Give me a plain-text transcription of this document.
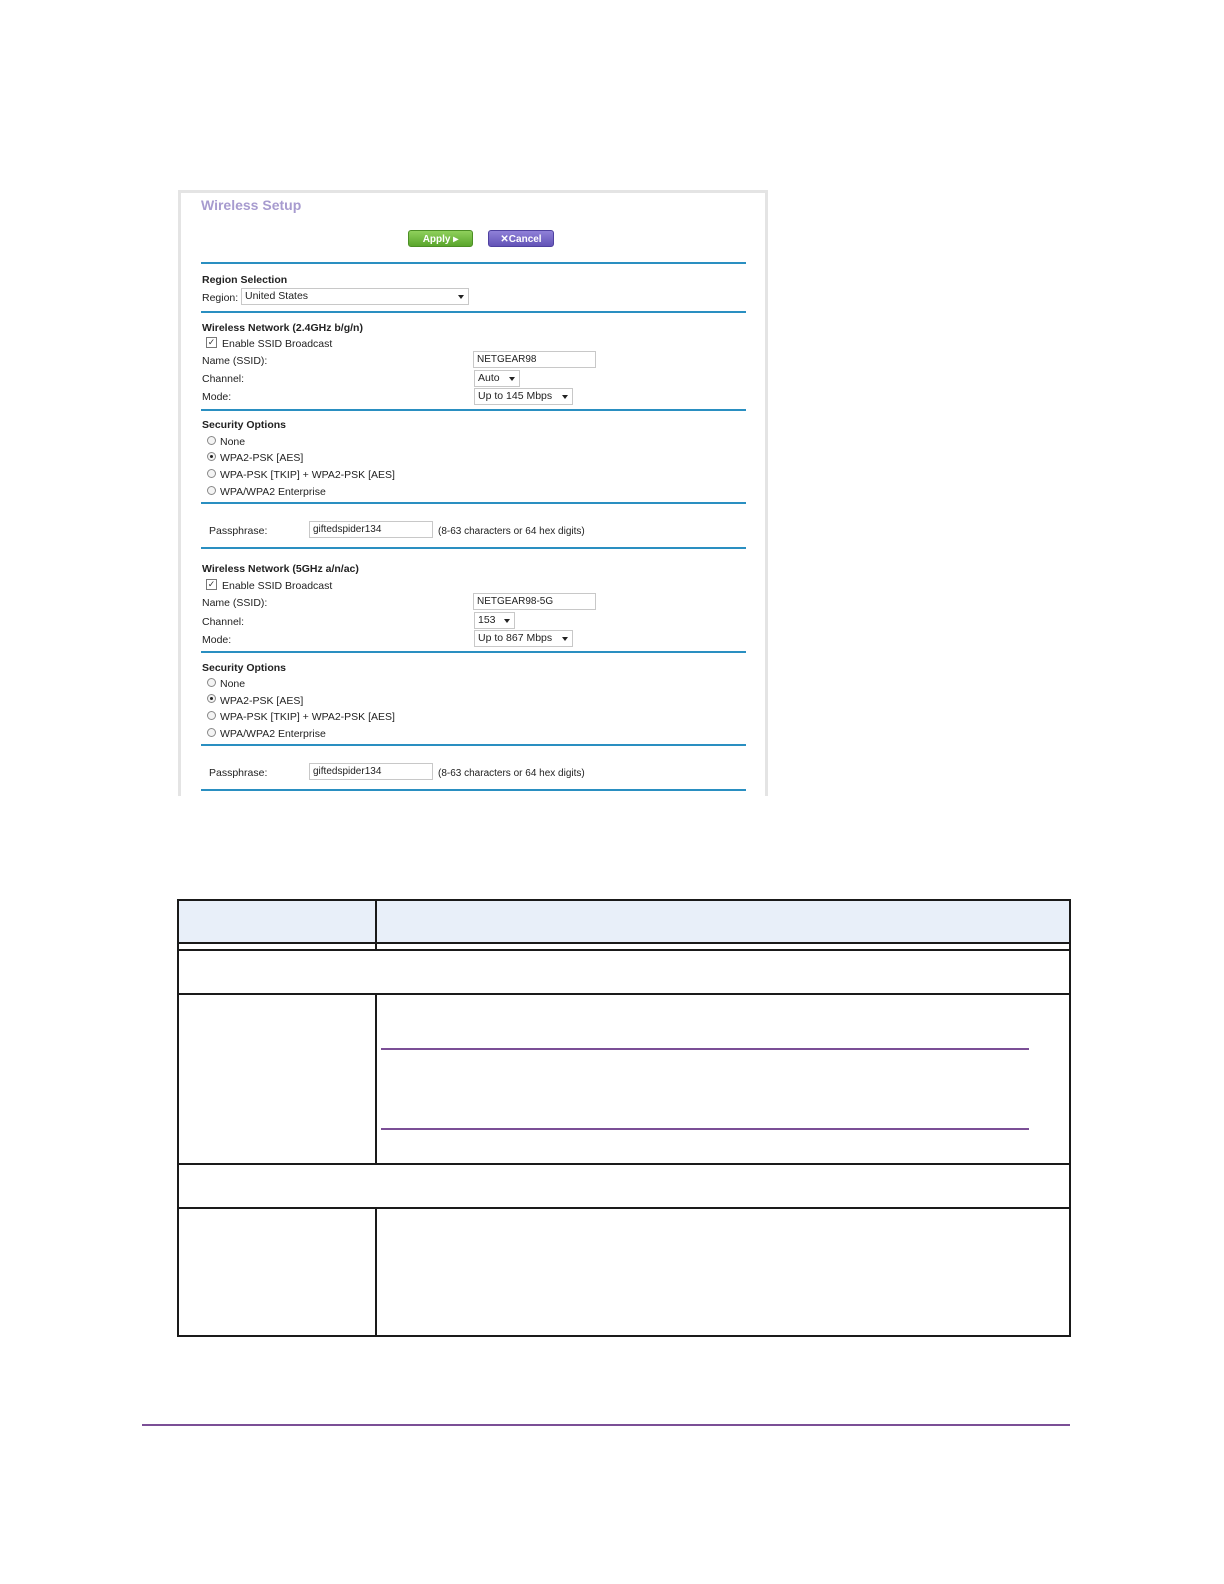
Wireless Setup
Apply ▸	✕Cancel
Region Selection
Region: United States
Wireless Network (2.4GHz b/g/n)
✓ Enable SSID Broadcast
Name (SSID):	NETGEAR98
Channel:	Auto
Mode:	Up to 145 Mbps
Security Options
None
WPA2-PSK [AES]
WPA-PSK [TKIP] + WPA2-PSK [AES]
WPA/WPA2 Enterprise
Passphrase:	giftedspider134	(8-63 characters or 64 hex digits)
Wireless Network (5GHz a/n/ac)
✓ Enable SSID Broadcast
Name (SSID):	NETGEAR98-5G
Channel:	153
Mode:	Up to 867 Mbps
Security Options
None
WPA2-PSK [AES]
WPA-PSK [TKIP] + WPA2-PSK [AES]
WPA/WPA2 Enterprise
Passphrase:	giftedspider134	(8-63 characters or 64 hex digits)
